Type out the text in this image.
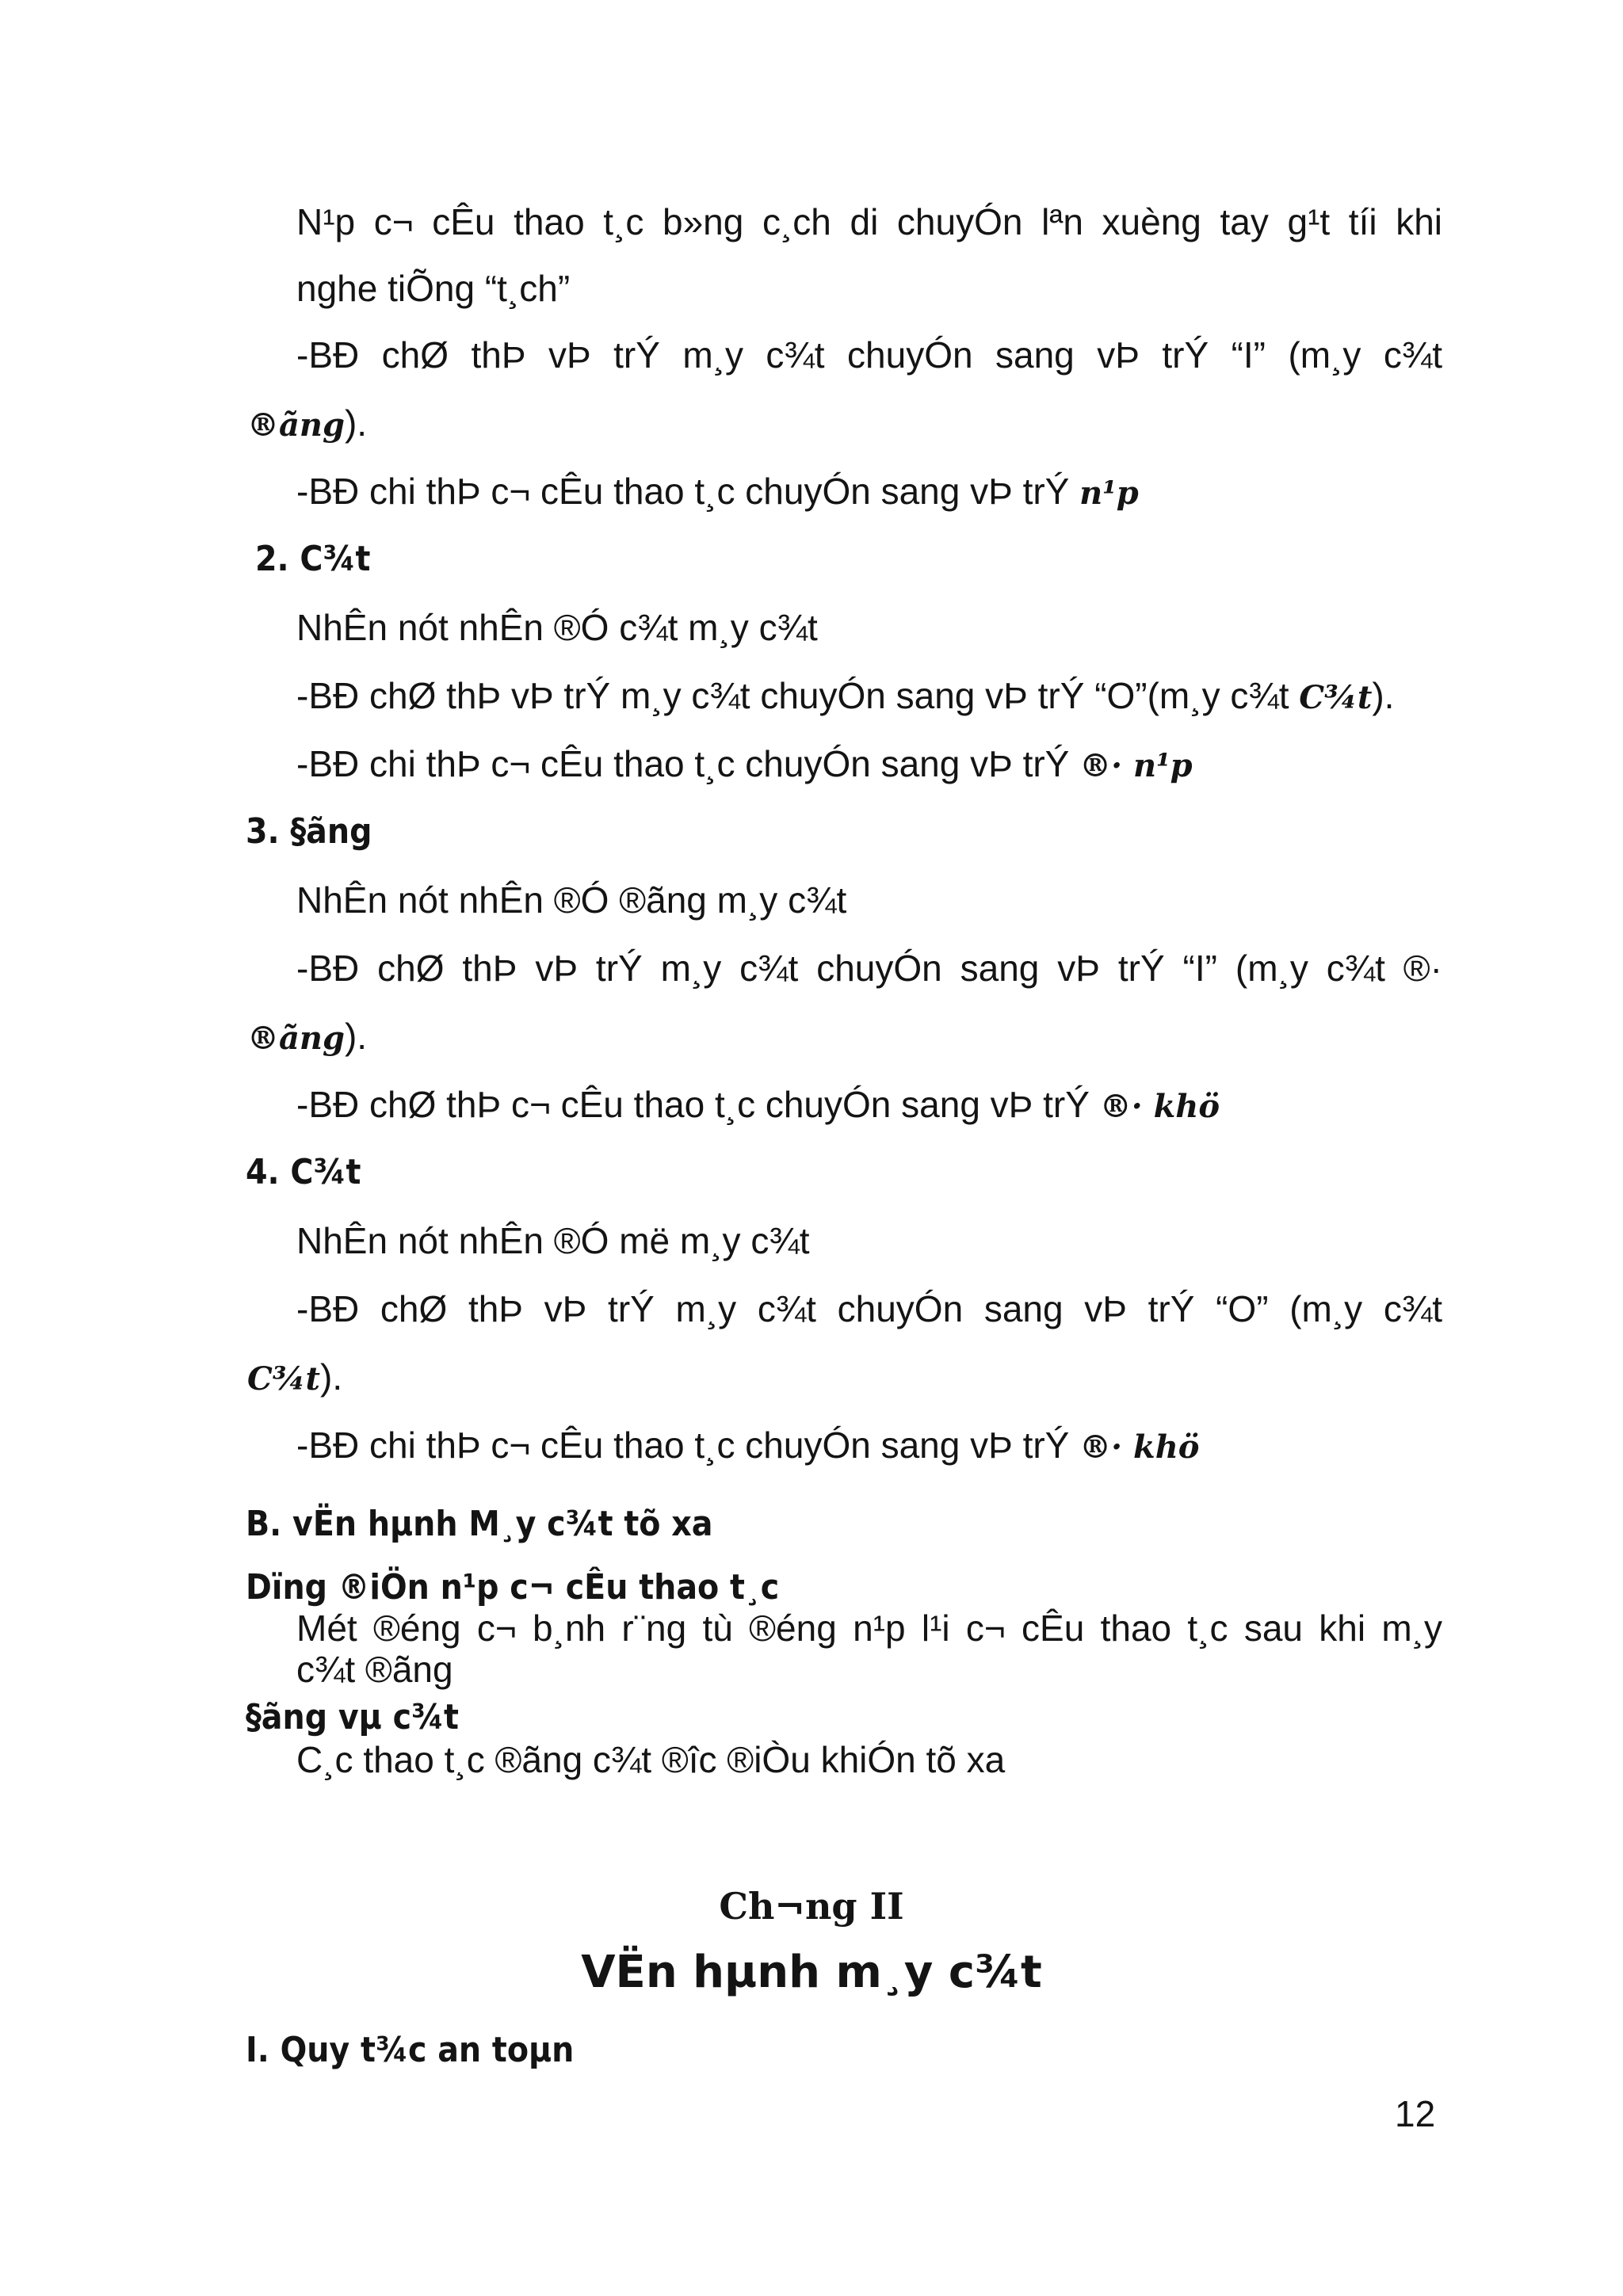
N¹p c¬ cÊu thao t¸c b»ng c¸ch di chuyÓn lªn xuèng tay g¹t tíi khi
nghe tiÕng “t¸ch”
-BÐ chØ thÞ vÞ trÝ m¸y c¾t chuyÓn sang vÞ trÝ “I” (m¸y c¾t
®ãng).
-BÐ chi thÞ c¬ cÊu thao t¸c chuyÓn sang vÞ trÝ n¹p
2. C¾t
NhÊn nót nhÊn ®Ó c¾t m¸y c¾t
-BÐ chØ thÞ vÞ trÝ m¸y c¾t chuyÓn sang vÞ trÝ “O”(m¸y c¾t C¾t).
-BÐ chi thÞ c¬ cÊu thao t¸c chuyÓn sang vÞ trÝ ®· n¹p
3. §ãng
NhÊn nót nhÊn ®Ó ®ãng m¸y c¾t
-BÐ chØ thÞ vÞ trÝ m¸y c¾t chuyÓn sang vÞ trÝ “I” (m¸y c¾t ®·
®ãng).
-BÐ chØ thÞ c¬ cÊu thao t¸c chuyÓn sang vÞ trÝ ®· khö
4. C¾t
NhÊn nót nhÊn ®Ó më m¸y c¾t
-BÐ chØ thÞ vÞ trÝ m¸y c¾t chuyÓn sang vÞ trÝ “O” (m¸y c¾t
C¾t).
-BÐ chi thÞ c¬ cÊu thao t¸c chuyÓn sang vÞ trÝ ®· khö
B. vËn hµnh M¸y c¾t tõ xa
Dïng ®iÖn n¹p c¬ cÊu thao t¸c
Mét ®éng c¬ b¸nh r¨ng tù ®éng n¹p l¹i c¬ cÊu thao t¸c sau khi m¸y
c¾t ®ãng
§ãng vµ c¾t
C¸c thao t¸c ®ãng c¾t ®îc ®iÒu khiÓn tõ xa
Ch¬ng II
VËn hµnh m¸y c¾t
I. Quy t¾c an toµn
12
